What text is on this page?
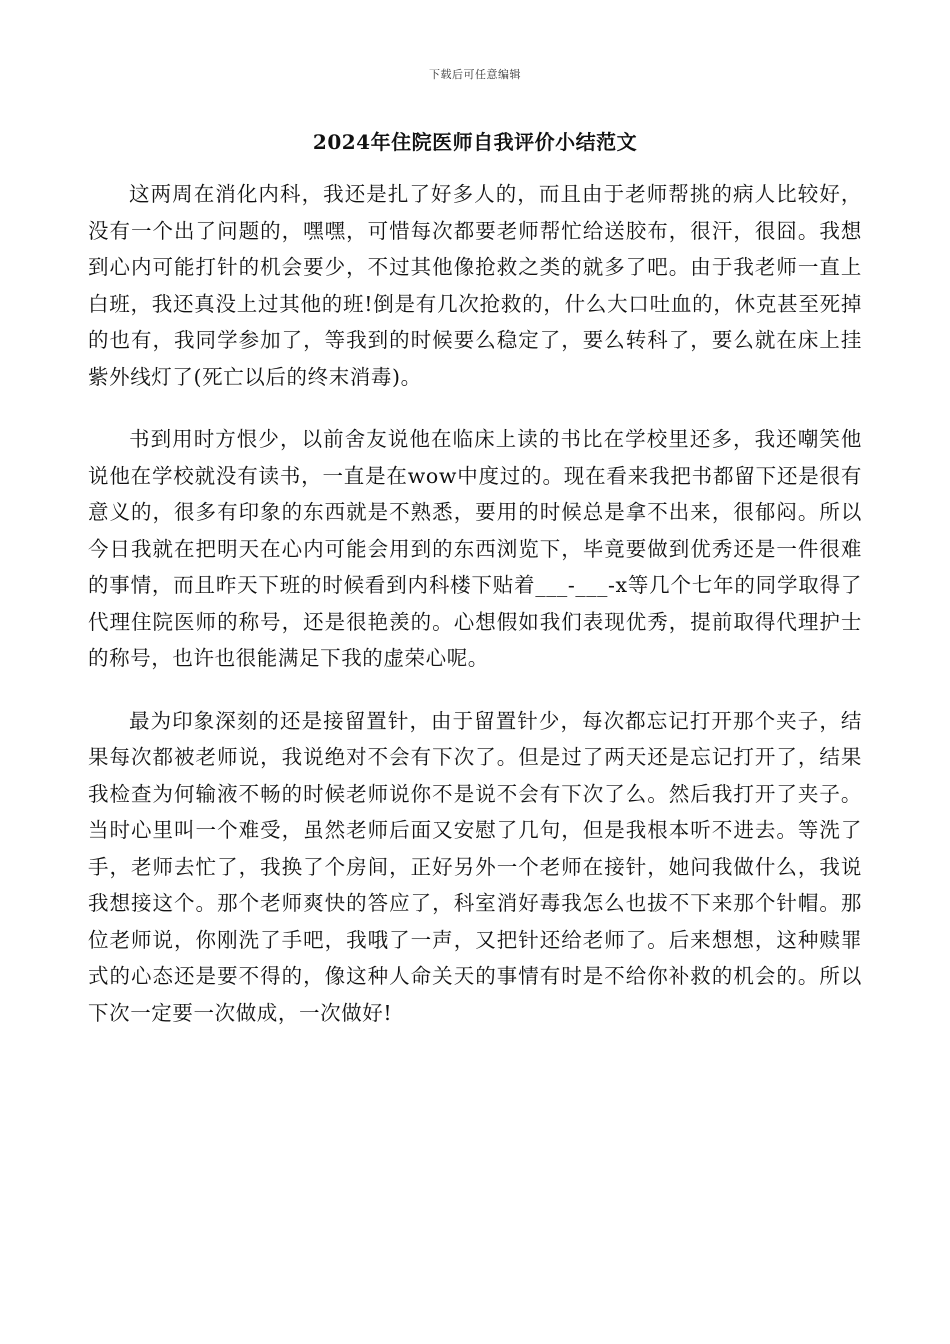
下载后可任意编辑
2024年住院医师自我评价小结范文

这两周在消化内科，我还是扎了好多人的，而且由于老师帮挑的病人比较好，没有一个出了问题的，嘿嘿，可惜每次都要老师帮忙给送胶布，很汗，很囧。我想到心内可能打针的机会要少，不过其他像抢救之类的就多了吧。由于我老师一直上白班，我还真没上过其他的班!倒是有几次抢救的，什么大口吐血的，休克甚至死掉的也有，我同学参加了，等我到的时候要么稳定了，要么转科了，要么就在床上挂紫外线灯了(死亡以后的终末消毒)。

书到用时方恨少，以前舍友说他在临床上读的书比在学校里还多，我还嘲笑他说他在学校就没有读书，一直是在wow中度过的。现在看来我把书都留下还是很有意义的，很多有印象的东西就是不熟悉，要用的时候总是拿不出来，很郁闷。所以今日我就在把明天在心内可能会用到的东西浏览下，毕竟要做到优秀还是一件很难的事情，而且昨天下班的时候看到内科楼下贴着___-___-x等几个七年的同学取得了代理住院医师的称号，还是很艳羡的。心想假如我们表现优秀，提前取得代理护士的称号，也许也很能满足下我的虚荣心呢。

最为印象深刻的还是接留置针，由于留置针少，每次都忘记打开那个夹子，结果每次都被老师说，我说绝对不会有下次了。但是过了两天还是忘记打开了，结果我检查为何输液不畅的时候老师说你不是说不会有下次了么。然后我打开了夹子。当时心里叫一个难受，虽然老师后面又安慰了几句，但是我根本听不进去。等洗了手，老师去忙了，我换了个房间，正好另外一个老师在接针，她问我做什么，我说我想接这个。那个老师爽快的答应了，科室消好毒我怎么也拔不下来那个针帽。那位老师说，你刚洗了手吧，我哦了一声，又把针还给老师了。后来想想，这种赎罪式的心态还是要不得的，像这种人命关天的事情有时是不给你补救的机会的。所以下次一定要一次做成，一次做好!
